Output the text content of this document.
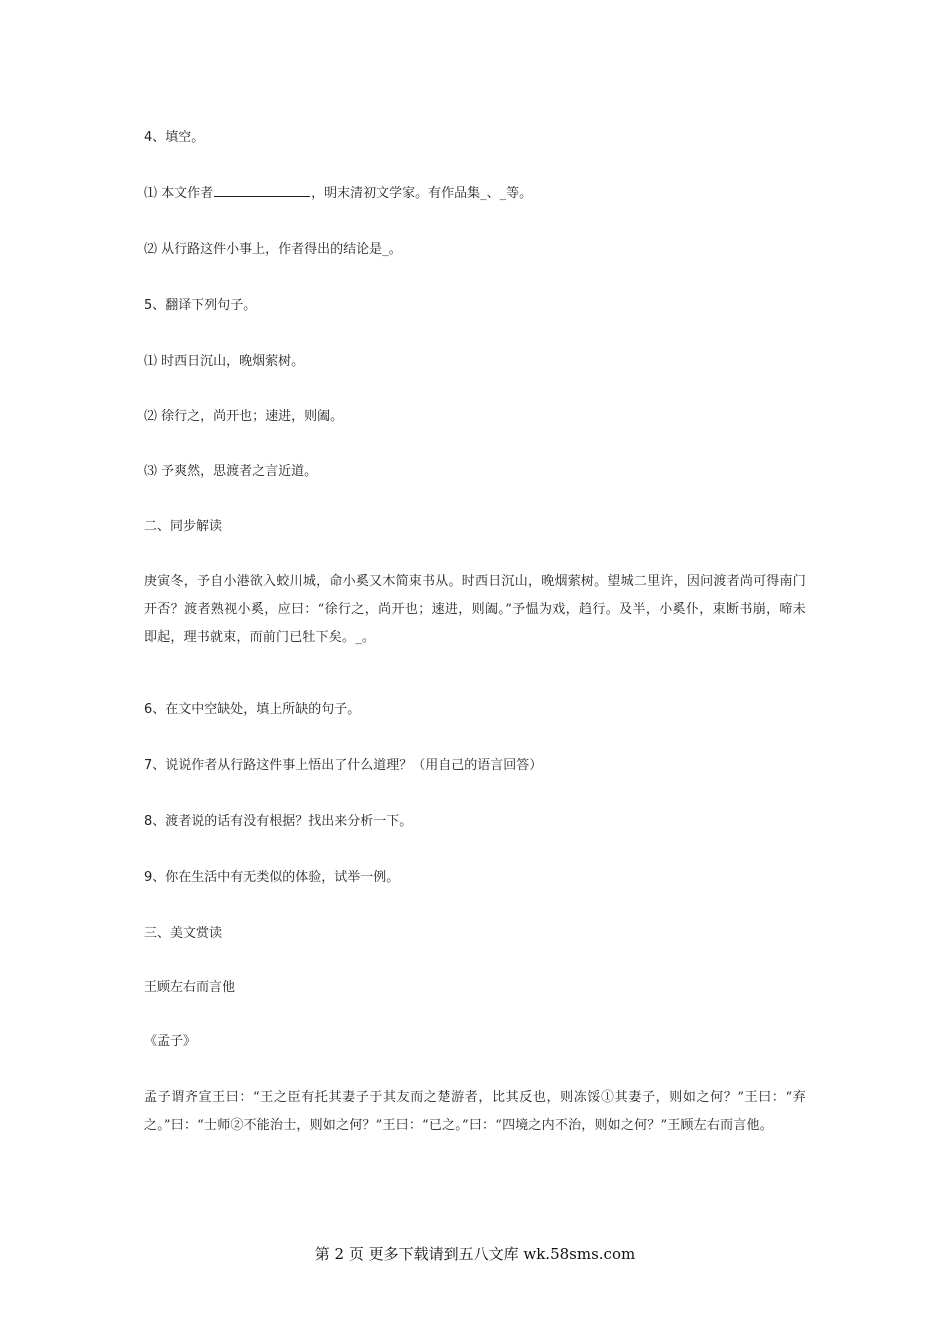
4、填空。
⑴ 本文作者	，明末清初文学家。有作品集_、_等。
⑵ 从行路这件小事上，作者得出的结论是_。
5、翻译下列句子。
⑴ 时西日沉山，晚烟萦树。
⑵ 徐行之，尚开也；速进，则阖。
⑶ 予爽然，思渡者之言近道。
二、同步解读
庚寅冬，予自小港欲入蛟川城，命小奚又木简束书从。时西日沉山，晚烟萦树。望城二里许，因问渡者尚可得南门开否？渡者熟视小奚，应曰：“徐行之，尚开也；速进，则阖。”予愠为戏，趋行。及半，小奚仆，束断书崩，啼未即起，理书就束，而前门已牡下矣。_。
6、在文中空缺处，填上所缺的句子。
7、说说作者从行路这件事上悟出了什么道理？（用自己的语言回答）
8、渡者说的话有没有根据？找出来分析一下。
9、你在生活中有无类似的体验，试举一例。
三、美文赏读
王顾左右而言他
《孟子》
孟子谓齐宣王曰：“王之臣有托其妻子于其友而之楚游者，比其反也，则冻馁①其妻子，则如之何？”王曰：“弃之。”曰：“士师②不能治士，则如之何？”王曰：“已之。”曰：“四境之内不治，则如之何？”王顾左右而言他。
第 2 页 更多下载请到五八文库 wk.58sms.com
